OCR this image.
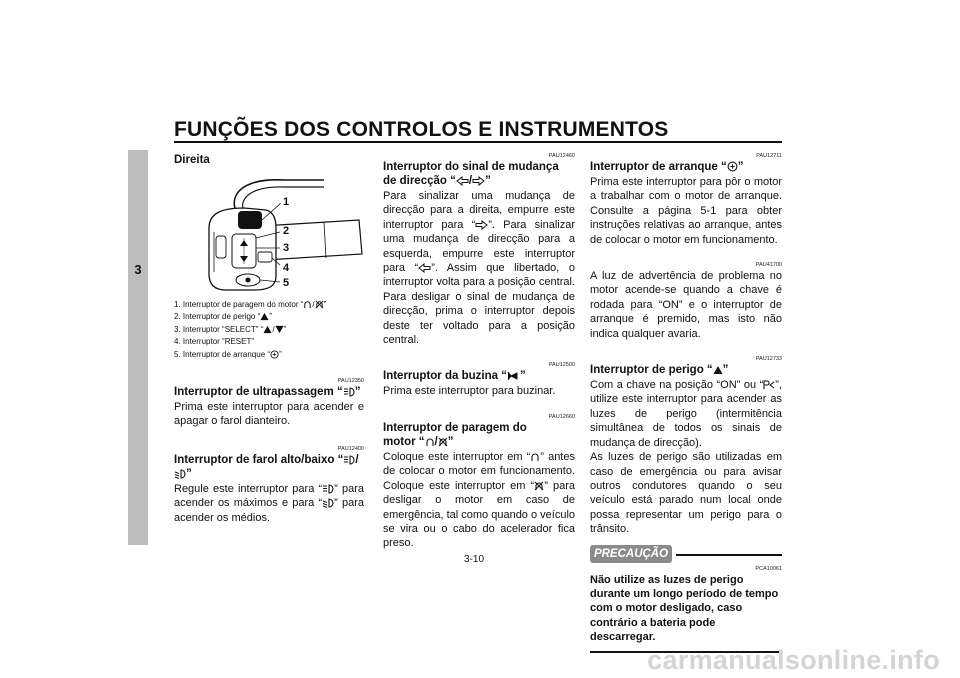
FUNÇÕES DOS CONTROLOS E INSTRUMENTOS
3
Direita
1
2
3
4
5

1. Interruptor de paragem do motor “ / ”

2. Interruptor de perigo “ ”

3. Interruptor “SELECT” “ / ”

4. Interruptor “RESET”

5. Interruptor de arranque “ ”

PAU12350
Interruptor de ultrapassagem “ ”

Prima este interruptor para acender e apagar o farol dianteiro.

PAU12400
Interruptor de farol alto/baixo “ /”

Regule este interruptor para “ ” para acender os máximos e para “ ” para acender os médios.

PAU12460
Interruptor do sinal de mudança de direcção “ / ”

Para sinalizar uma mudança de direcção para a direita, empurre este interruptor para “ ”. Para sinalizar uma mudança de direcção para a esquerda, empurre este interruptor para “ ”. Assim que libertado, o interruptor volta para a posição central. Para desligar o sinal de mudança de direcção, prima o interruptor depois deste ter voltado para a posição central.

PAU12500
Interruptor da buzina “ ”

Prima este interruptor para buzinar.

PAU12660
Interruptor de paragem do
motor “ / ”

Coloque este interruptor em “ ” antes de colocar o motor em funcionamento. Coloque este interruptor em “ ” para desligar o motor em caso de emergência, tal como quando o veículo se vira ou o cabo do acelerador fica preso.

PAU12711
Interruptor de arranque “ ”

Prima este interruptor para pôr o motor a trabalhar com o motor de arranque. Consulte a página 5-1 para obter instruções relativas ao arranque, antes de colocar o motor em funcionamento.

PAU41700

A luz de advertência de problema no motor acende-se quando a chave é rodada para “ON” e o interruptor de arranque é premido, mas isto não indica qualquer avaria.

PAU12733
Interruptor de perigo “ ”

Com a chave na posição “ON” ou “ ”, utilize este interruptor para acender as luzes de perigo (intermitência simultânea de todos os sinais de mudança de direcção).

As luzes de perigo são utilizadas em caso de emergência ou para avisar outros condutores quando o seu veículo está parado num local onde possa representar um perigo para o trânsito.

PRECAUÇÃO
PCA10061

Não utilize as luzes de perigo durante um longo período de tempo com o motor desligado, caso contrário a bateria pode descarregar.

3-10
carmanualsonline.info
